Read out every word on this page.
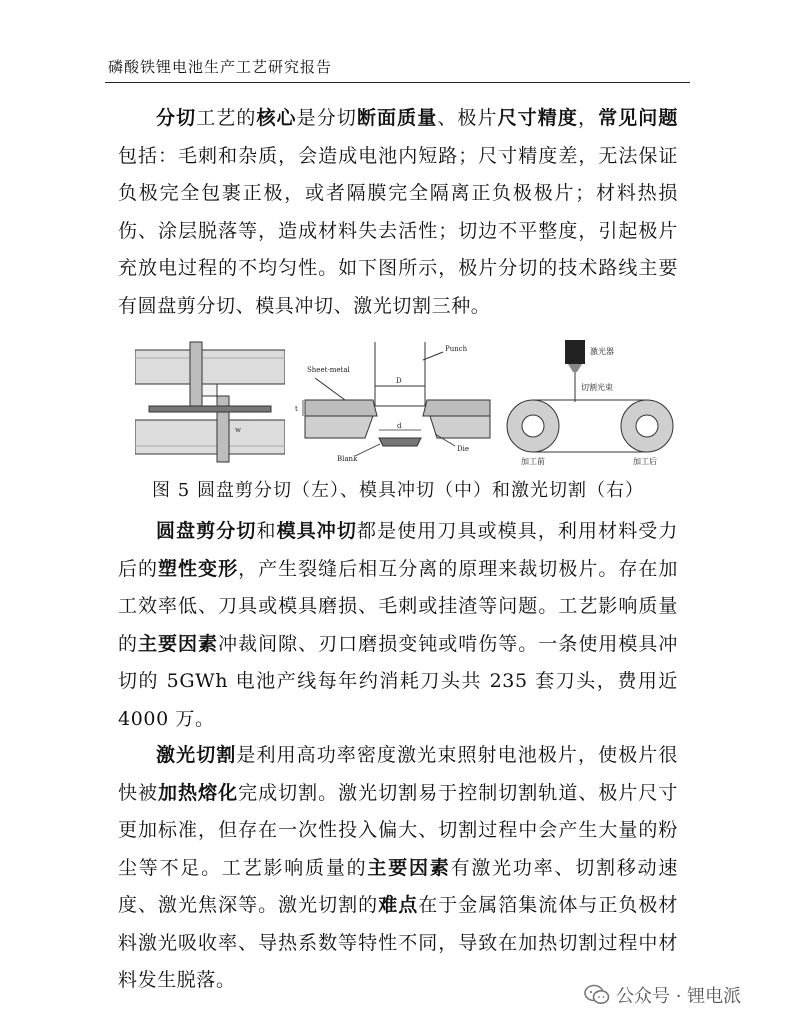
磷酸铁锂电池生产工艺研究报告

分切工艺的核心是分切断面质量、极片尺寸精度，常见问题包括：毛刺和杂质，会造成电池内短路；尺寸精度差，无法保证负极完全包裹正极，或者隔膜完全隔离正负极极片；材料热损伤、涂层脱落等，造成材料失去活性；切边不平整度，引起极片充放电过程的不均匀性。如下图所示，极片分切的技术路线主要有圆盘剪分切、模具冲切、激光切割三种。

w
Sheet-metal
Punch
D
t
d
Blank
Die
激光器
切割光束
加工前	加工后
图 5 圆盘剪分切（左）、模具冲切（中）和激光切割（右）

圆盘剪分切和模具冲切都是使用刀具或模具，利用材料受力后的塑性变形，产生裂缝后相互分离的原理来裁切极片。存在加工效率低、刀具或模具磨损、毛刺或挂渣等问题。工艺影响质量的主要因素冲裁间隙、刃口磨损变钝或啃伤等。一条使用模具冲切的 5GWh 电池产线每年约消耗刀头共 235 套刀头，费用近 4000 万。

激光切割是利用高功率密度激光束照射电池极片，使极片很快被加热熔化完成切割。激光切割易于控制切割轨道、极片尺寸更加标准，但存在一次性投入偏大、切割过程中会产生大量的粉尘等不足。工艺影响质量的主要因素有激光功率、切割移动速度、激光焦深等。激光切割的难点在于金属箔集流体与正负极材料激光吸收率、导热系数等特性不同，导致在加热切割过程中材料发生脱落。

公众号 · 锂电派
